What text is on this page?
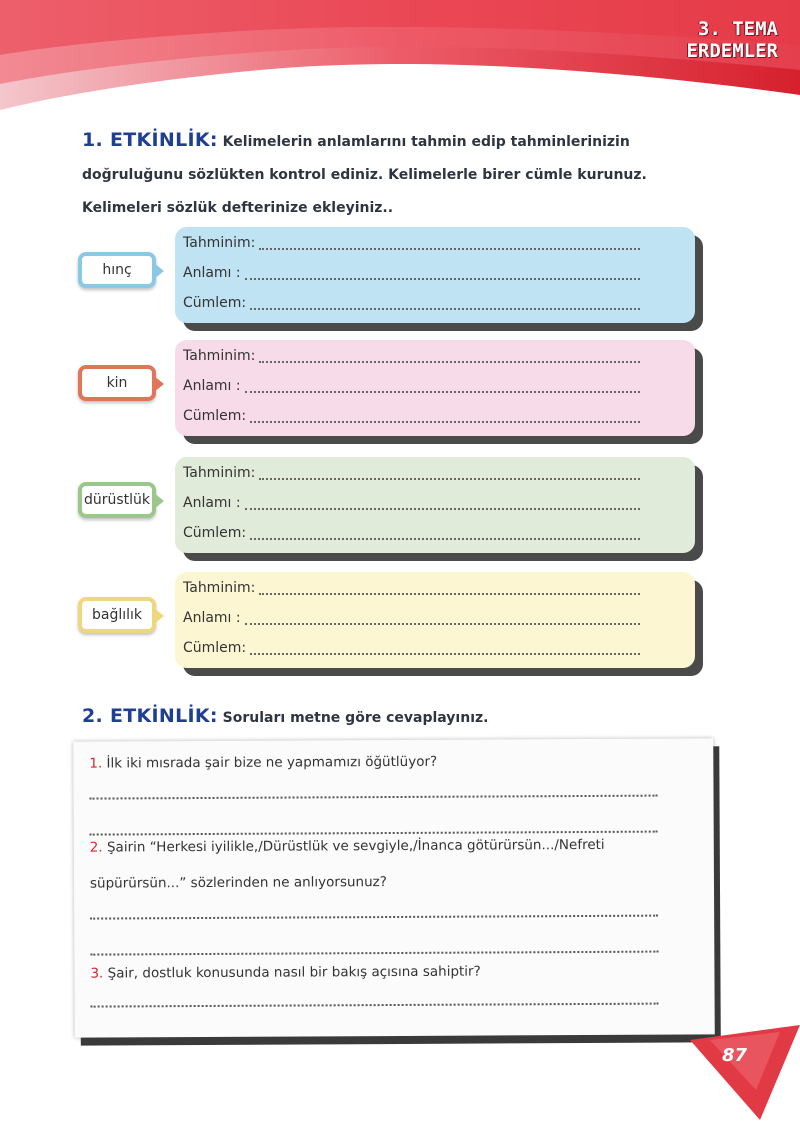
3. TEMA
ERDEMLER
1. ETKİNLİK: Kelimelerin anlamlarını tahmin edip tahminlerinizin doğruluğunu sözlükten kontrol ediniz. Kelimelerle birer cümle kurunuz. Kelimeleri sözlük defterinize ekleyiniz..
Tahminim:
Anlamı :
Cümlem:
hınç
Tahminim:
Anlamı :
Cümlem:
kin
Tahminim:
Anlamı :
Cümlem:
dürüstlük
Tahminim:
Anlamı :
Cümlem:
bağlılık
2. ETKİNLİK: Soruları metne göre cevaplayınız.
1. İlk iki mısrada şair bize ne yapmamızı öğütlüyor?
2. Şairin “Herkesi iyilikle,/Dürüstlük ve sevgiyle,/İnanca götürürsün.../Nefreti süpürürsün...” sözlerinden ne anlıyorsunuz?
3. Şair, dostluk konusunda nasıl bir bakış açısına sahiptir?
87
